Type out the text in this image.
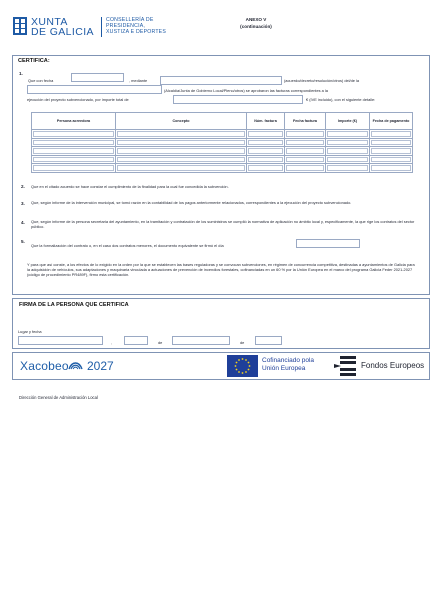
XUNTA
DE GALICIA
CONSELLERÍA DE
PRESIDENCIA,
XUSTIZA E DEPORTES
ANEXO V
(continuación)
CERTIFICA:
1.
Que con fecha	, mediante	(acuerdo/decreto/resolución/otros) del/de la
(Alcaldía/Junta de Gobierno Local/Pleno/otros) se aprobaron las facturas correspondientes a la
ejecución del proyecto subvencionado, por importe total de	€ (IVE incluido), con el siguiente detalle:
Persona acreedora	Concepto	Núm. factura	Fecha factura	Importe (€)	Fecha de pagamento

2. Que en el citado acuerdo se hace constar el cumplimiento de la finalidad para la cual fue concedida la subvención.
3. Que, según informe de la intervención municipal, se tomó razón en la contabilidad de los pagos anteriormente relacionados, correspondientes a la ejecución del proyecto subvencionado.
4. Que, según informe de la persona secretaria del ayuntamiento, en la tramitación y contratación de los suministros se cumplió la normativa de aplicación no ámbito local y, especificamente, la que rige los contratos del sector público.
5.
Que la formalización del contrato o, en el caso dos contratos menores, el documento equivalente se firmó el día
Y para que así conste, a los efectos de lo exigido en la orden por la que se establecen las bases reguladoras y se convocan subvenciones, en régimen de concurrencia competitiva, destinadas a ayuntamientos de Galicia para la adquisición de vehículos, sus adaptaciones y maquinaria vinculada a actuaciones de prevención de incendios forestales, cofinanciadas en un 60 % por la Unión Europea en el marco del programa Galicia Feder 2021-2027 (código de procedimiento PR489F), firmo esta certificación.
FIRMA DE LA PERSONA QUE CERTIFICA
Lugar y fecha
,	de	de
Xacobeo 2027	Cofinanciado pola
Unión Europea	Fondos Europeos
Dirección General de Administración Local
